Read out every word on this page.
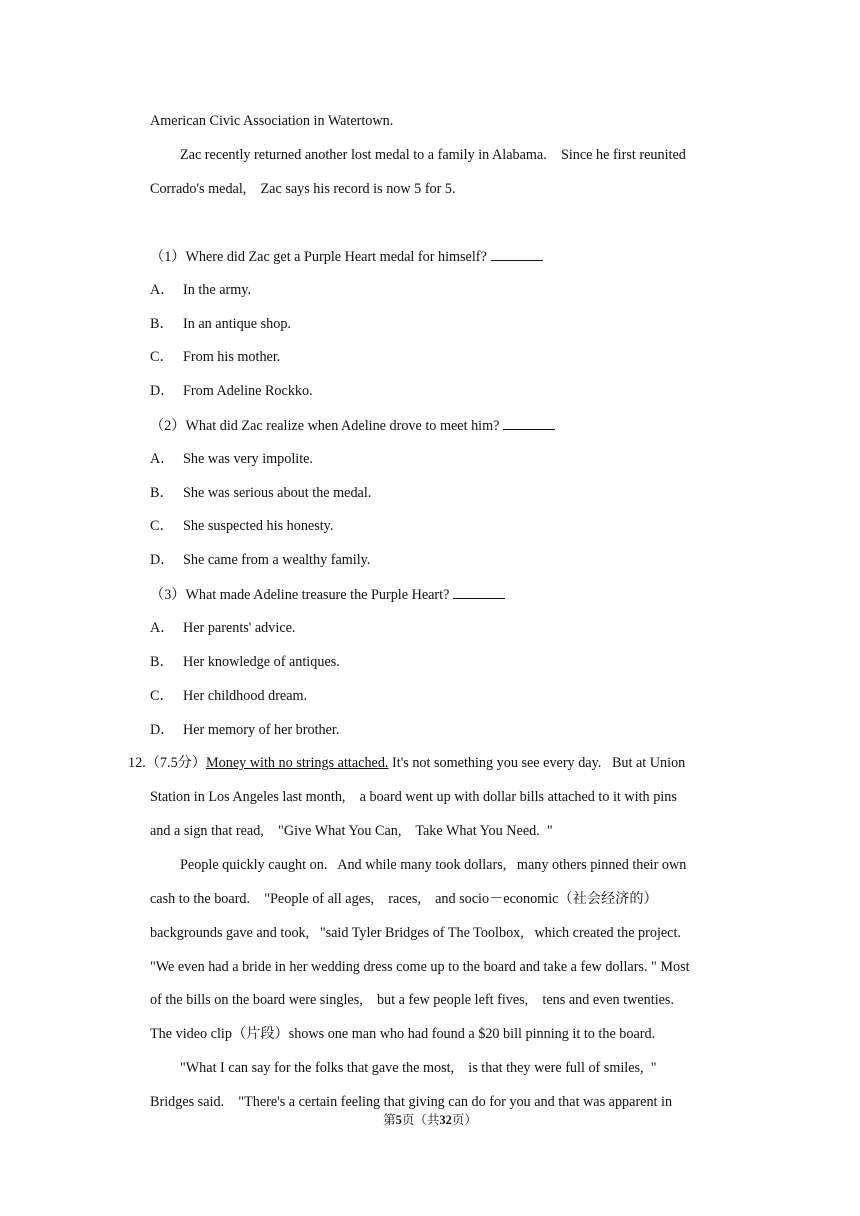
American Civic Association in Watertown.
Zac recently returned another lost medal to a family in Alabama.    Since he first reunited
Corrado's medal,    Zac says his record is now 5 for 5.
（1）Where did Zac get a Purple Heart medal for himself?
A． In the army.
B． In an antique shop.
C． From his mother.
D． From Adeline Rockko.
（2）What did Zac realize when Adeline drove to meet him?
A． She was very impolite.
B． She was serious about the medal.
C． She suspected his honesty.
D． She came from a wealthy family.
（3）What made Adeline treasure the Purple Heart?
A． Her parents' advice.
B． Her knowledge of antiques.
C． Her childhood dream.
D． Her memory of her brother.
12.（7.5分）Money with no strings attached. It's not something you see every day.   But at Union
Station in Los Angeles last month,    a board went up with dollar bills attached to it with pins
and a sign that read,    "Give What You Can,    Take What You Need.  "
People quickly caught on.   And while many took dollars,   many others pinned their own
cash to the board.    "People of all ages,    races,    and socio－economic（社会经济的）
backgrounds gave and took,   "said Tyler Bridges of The Toolbox,   which created the project.
"We even had a bride in her wedding dress come up to the board and take a few dollars. " Most
of the bills on the board were singles,    but a few people left fives,    tens and even twenties.
The video clip（片段）shows one man who had found a $20 bill pinning it to the board.
"What I can say for the folks that gave the most,    is that they were full of smiles,  "
Bridges said.    "There's a certain feeling that giving can do for you and that was apparent in
第5页（共32页）
